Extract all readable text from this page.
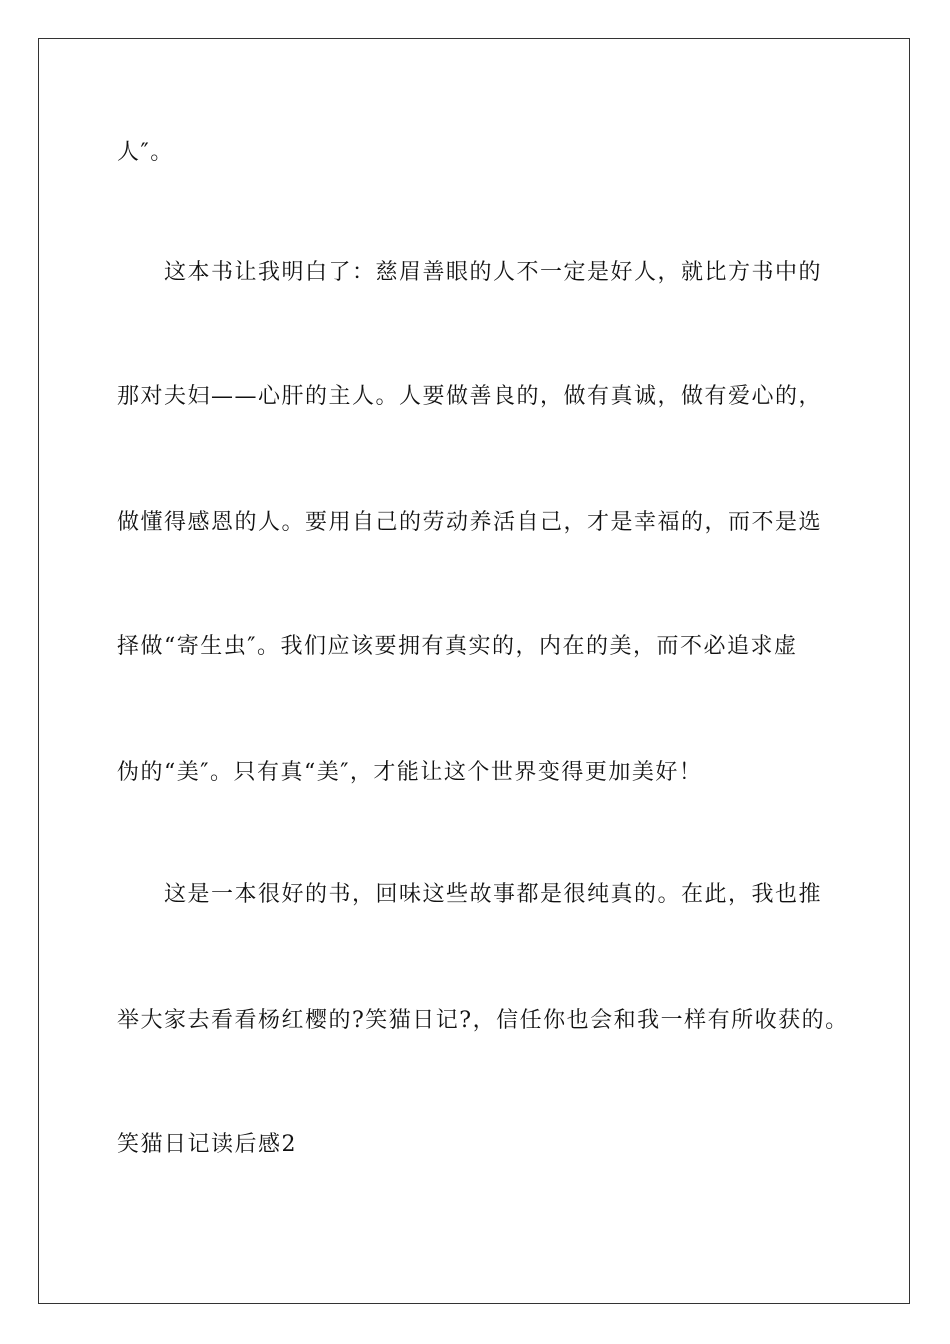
人″。
这本书让我明白了：慈眉善眼的人不一定是好人，就比方书中的
那对夫妇——心肝的主人。人要做善良的，做有真诚，做有爱心的，
做懂得感恩的人。要用自己的劳动养活自己，才是幸福的，而不是选
择做“寄生虫″。我们应该要拥有真实的，内在的美，而不必追求虚
伪的“美″。只有真“美″，才能让这个世界变得更加美好！
这是一本很好的书，回味这些故事都是很纯真的。在此，我也推
举大家去看看杨红樱的?笑猫日记?，信任你也会和我一样有所收获的。
笑猫日记读后感2
